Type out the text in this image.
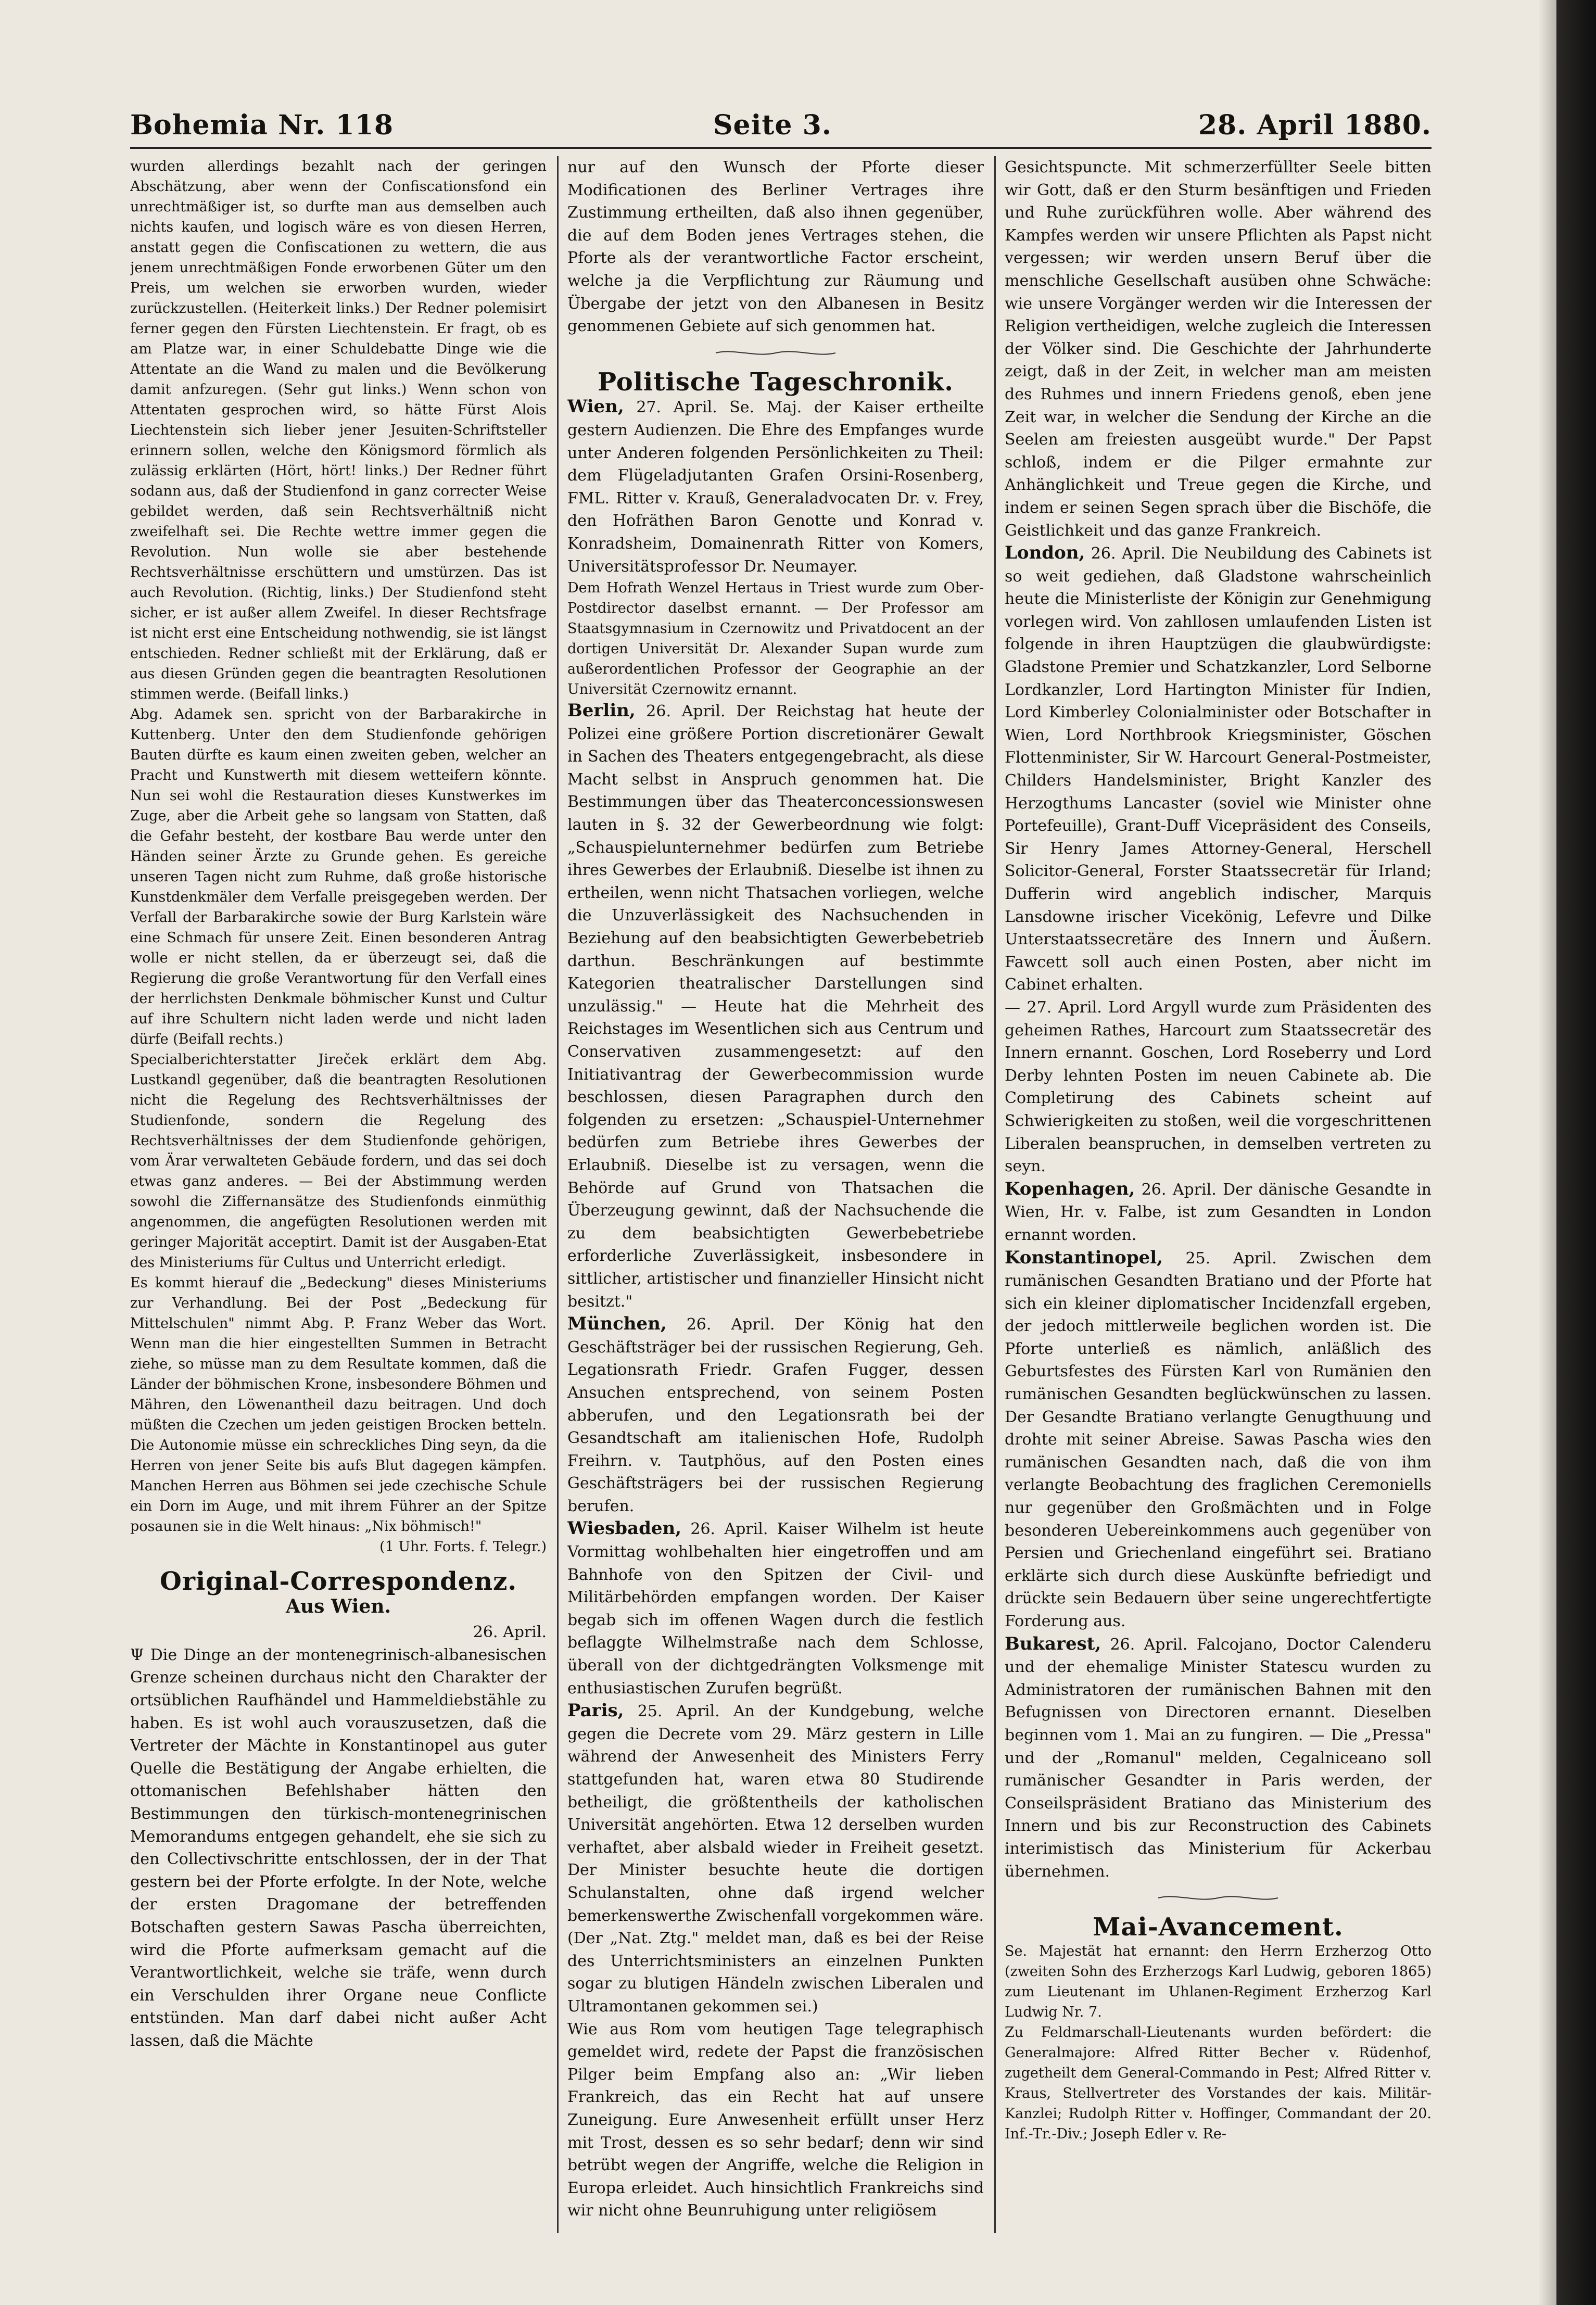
Bohemia Nr. 118	Seite 3.	28. April 1880.

wurden allerdings bezahlt nach der geringen Abschätzung, aber wenn der Confiscationsfond ein unrechtmäßiger ist, so durfte man aus demselben auch nichts kaufen, und logisch wäre es von diesen Herren, anstatt gegen die Confiscationen zu wettern, die aus jenem unrechtmäßigen Fonde erworbenen Güter um den Preis, um welchen sie erworben wurden, wieder zurückzustellen. (Heiterkeit links.) Der Redner polemisirt ferner gegen den Fürsten Liechtenstein. Er fragt, ob es am Platze war, in einer Schuldebatte Dinge wie die Attentate an die Wand zu malen und die Bevölkerung damit anfzuregen. (Sehr gut links.) Wenn schon von Attentaten gesprochen wird, so hätte Fürst Alois Liechtenstein sich lieber jener Jesuiten-Schriftsteller erinnern sollen, welche den Königsmord förmlich als zulässig erklärten (Hört, hört! links.) Der Redner führt sodann aus, daß der Studienfond in ganz correcter Weise gebildet werden, daß sein Rechtsverhältniß nicht zweifelhaft sei. Die Rechte wettre immer gegen die Revolution. Nun wolle sie aber bestehende Rechtsverhältnisse erschüttern und umstürzen. Das ist auch Revolution. (Richtig, links.) Der Studienfond steht sicher, er ist außer allem Zweifel. In dieser Rechtsfrage ist nicht erst eine Entscheidung nothwendig, sie ist längst entschieden. Redner schließt mit der Erklärung, daß er aus diesen Gründen gegen die beantragten Resolutionen stimmen werde. (Beifall links.)

Abg. Adamek sen. spricht von der Barbarakirche in Kuttenberg. Unter den dem Studienfonde gehörigen Bauten dürfte es kaum einen zweiten geben, welcher an Pracht und Kunstwerth mit diesem wetteifern könnte. Nun sei wohl die Restauration dieses Kunstwerkes im Zuge, aber die Arbeit gehe so langsam von Statten, daß die Gefahr besteht, der kostbare Bau werde unter den Händen seiner Ärzte zu Grunde gehen. Es gereiche unseren Tagen nicht zum Ruhme, daß große historische Kunstdenkmäler dem Verfalle preisgegeben werden. Der Verfall der Barbarakirche sowie der Burg Karlstein wäre eine Schmach für unsere Zeit. Einen besonderen Antrag wolle er nicht stellen, da er überzeugt sei, daß die Regierung die große Verantwortung für den Verfall eines der herrlichsten Denkmale böhmischer Kunst und Cultur auf ihre Schultern nicht laden werde und nicht laden dürfe (Beifall rechts.)

Specialberichterstatter Jireček erklärt dem Abg. Lustkandl gegenüber, daß die beantragten Resolutionen nicht die Regelung des Rechtsverhältnisses der Studienfonde, sondern die Regelung des Rechtsverhältnisses der dem Studienfonde gehörigen, vom Ärar verwalteten Gebäude fordern, und das sei doch etwas ganz anderes. — Bei der Abstimmung werden sowohl die Ziffernansätze des Studienfonds einmüthig angenommen, die angefügten Resolutionen werden mit geringer Majorität acceptirt. Damit ist der Ausgaben-Etat des Ministeriums für Cultus und Unterricht erledigt.

Es kommt hierauf die „Bedeckung" dieses Ministeriums zur Verhandlung. Bei der Post „Bedeckung für Mittelschulen" nimmt Abg. P. Franz Weber das Wort. Wenn man die hier eingestellten Summen in Betracht ziehe, so müsse man zu dem Resultate kommen, daß die Länder der böhmischen Krone, insbesondere Böhmen und Mähren, den Löwenantheil dazu beitragen. Und doch müßten die Czechen um jeden geistigen Brocken betteln. Die Autonomie müsse ein schreckliches Ding seyn, da die Herren von jener Seite bis aufs Blut dagegen kämpfen. Manchen Herren aus Böhmen sei jede czechische Schule ein Dorn im Auge, und mit ihrem Führer an der Spitze posaunen sie in die Welt hinaus: „Nix böhmisch!"

(1 Uhr. Forts. f. Telegr.)

Original-Correspondenz.
Aus Wien.

26. April.

Ψ Die Dinge an der montenegrinisch-albanesischen Grenze scheinen durchaus nicht den Charakter der ortsüblichen Raufhändel und Hammeldiebstähle zu haben. Es ist wohl auch vorauszusetzen, daß die Vertreter der Mächte in Konstantinopel aus guter Quelle die Bestätigung der Angabe erhielten, die ottomanischen Befehlshaber hätten den Bestimmungen den türkisch-montenegrinischen Memorandums entgegen gehandelt, ehe sie sich zu den Collectivschritte entschlossen, der in der That gestern bei der Pforte erfolgte. In der Note, welche der ersten Dragomane der betreffenden Botschaften gestern Sawas Pascha überreichten, wird die Pforte aufmerksam gemacht auf die Verantwortlichkeit, welche sie träfe, wenn durch ein Verschulden ihrer Organe neue Conflicte entstünden. Man darf dabei nicht außer Acht lassen, daß die Mächte

nur auf den Wunsch der Pforte dieser Modificationen des Berliner Vertrages ihre Zustimmung ertheilten, daß also ihnen gegenüber, die auf dem Boden jenes Vertrages stehen, die Pforte als der verantwortliche Factor erscheint, welche ja die Verpflichtung zur Räumung und Übergabe der jetzt von den Albanesen in Besitz genommenen Gebiete auf sich genommen hat.

Politische Tageschronik.

Wien, 27. April. Se. Maj. der Kaiser ertheilte gestern Audienzen. Die Ehre des Empfanges wurde unter Anderen folgenden Persönlichkeiten zu Theil: dem Flügeladjutanten Grafen Orsini-Rosenberg, FML. Ritter v. Krauß, Generaladvocaten Dr. v. Frey, den Hofräthen Baron Genotte und Konrad v. Konradsheim, Domainenrath Ritter von Komers, Universitätsprofessor Dr. Neumayer.

Dem Hofrath Wenzel Hertaus in Triest wurde zum Ober-Postdirector daselbst ernannt. — Der Professor am Staatsgymnasium in Czernowitz und Privatdocent an der dortigen Universität Dr. Alexander Supan wurde zum außerordentlichen Professor der Geographie an der Universität Czernowitz ernannt.

Berlin, 26. April. Der Reichstag hat heute der Polizei eine größere Portion discretionärer Gewalt in Sachen des Theaters entgegengebracht, als diese Macht selbst in Anspruch genommen hat. Die Bestimmungen über das Theaterconcessionswesen lauten in §. 32 der Gewerbeordnung wie folgt: „Schauspielunternehmer bedürfen zum Betriebe ihres Gewerbes der Erlaubniß. Dieselbe ist ihnen zu ertheilen, wenn nicht Thatsachen vorliegen, welche die Unzuverlässigkeit des Nachsuchenden in Beziehung auf den beabsichtigten Gewerbebetrieb darthun. Beschränkungen auf bestimmte Kategorien theatralischer Darstellungen sind unzulässig." — Heute hat die Mehrheit des Reichstages im Wesentlichen sich aus Centrum und Conservativen zusammengesetzt: auf den Initiativantrag der Gewerbecommission wurde beschlossen, diesen Paragraphen durch den folgenden zu ersetzen: „Schauspiel-Unternehmer bedürfen zum Betriebe ihres Gewerbes der Erlaubniß. Dieselbe ist zu versagen, wenn die Behörde auf Grund von Thatsachen die Überzeugung gewinnt, daß der Nachsuchende die zu dem beabsichtigten Gewerbebetriebe erforderliche Zuverlässigkeit, insbesondere in sittlicher, artistischer und finanzieller Hinsicht nicht besitzt."

München, 26. April. Der König hat den Geschäftsträger bei der russischen Regierung, Geh. Legationsrath Friedr. Grafen Fugger, dessen Ansuchen entsprechend, von seinem Posten abberufen, und den Legationsrath bei der Gesandtschaft am italienischen Hofe, Rudolph Freihrn. v. Tautphöus, auf den Posten eines Geschäftsträgers bei der russischen Regierung berufen.

Wiesbaden, 26. April. Kaiser Wilhelm ist heute Vormittag wohlbehalten hier eingetroffen und am Bahnhofe von den Spitzen der Civil- und Militärbehörden empfangen worden. Der Kaiser begab sich im offenen Wagen durch die festlich beflaggte Wilhelmstraße nach dem Schlosse, überall von der dichtgedrängten Volksmenge mit enthusiastischen Zurufen begrüßt.

Paris, 25. April. An der Kundgebung, welche gegen die Decrete vom 29. März gestern in Lille während der Anwesenheit des Ministers Ferry stattgefunden hat, waren etwa 80 Studirende betheiligt, die größtentheils der katholischen Universität angehörten. Etwa 12 derselben wurden verhaftet, aber alsbald wieder in Freiheit gesetzt. Der Minister besuchte heute die dortigen Schulanstalten, ohne daß irgend welcher bemerkenswerthe Zwischenfall vorgekommen wäre. (Der „Nat. Ztg." meldet man, daß es bei der Reise des Unterrichtsministers an einzelnen Punkten sogar zu blutigen Händeln zwischen Liberalen und Ultramontanen gekommen sei.)

Wie aus Rom vom heutigen Tage telegraphisch gemeldet wird, redete der Papst die französischen Pilger beim Empfang also an: „Wir lieben Frankreich, das ein Recht hat auf unsere Zuneigung. Eure Anwesenheit erfüllt unser Herz mit Trost, dessen es so sehr bedarf; denn wir sind betrübt wegen der Angriffe, welche die Religion in Europa erleidet. Auch hinsichtlich Frankreichs sind wir nicht ohne Beunruhigung unter religiösem

Gesichtspuncte. Mit schmerzerfüllter Seele bitten wir Gott, daß er den Sturm besänftigen und Frieden und Ruhe zurückführen wolle. Aber während des Kampfes werden wir unsere Pflichten als Papst nicht vergessen; wir werden unsern Beruf über die menschliche Gesellschaft ausüben ohne Schwäche: wie unsere Vorgänger werden wir die Interessen der Religion vertheidigen, welche zugleich die Interessen der Völker sind. Die Geschichte der Jahrhunderte zeigt, daß in der Zeit, in welcher man am meisten des Ruhmes und innern Friedens genoß, eben jene Zeit war, in welcher die Sendung der Kirche an die Seelen am freiesten ausgeübt wurde." Der Papst schloß, indem er die Pilger ermahnte zur Anhänglichkeit und Treue gegen die Kirche, und indem er seinen Segen sprach über die Bischöfe, die Geistlichkeit und das ganze Frankreich.

London, 26. April. Die Neubildung des Cabinets ist so weit gediehen, daß Gladstone wahrscheinlich heute die Ministerliste der Königin zur Genehmigung vorlegen wird. Von zahllosen umlaufenden Listen ist folgende in ihren Hauptzügen die glaubwürdigste: Gladstone Premier und Schatzkanzler, Lord Selborne Lordkanzler, Lord Hartington Minister für Indien, Lord Kimberley Colonialminister oder Botschafter in Wien, Lord Northbrook Kriegsminister, Göschen Flottenminister, Sir W. Harcourt General-Postmeister, Childers Handelsminister, Bright Kanzler des Herzogthums Lancaster (soviel wie Minister ohne Portefeuille), Grant-Duff Vicepräsident des Conseils, Sir Henry James Attorney-General, Herschell Solicitor-General, Forster Staatssecretär für Irland; Dufferin wird angeblich indischer, Marquis Lansdowne irischer Vicekönig, Lefevre und Dilke Unterstaatssecretäre des Innern und Äußern. Fawcett soll auch einen Posten, aber nicht im Cabinet erhalten.

— 27. April. Lord Argyll wurde zum Präsidenten des geheimen Rathes, Harcourt zum Staatssecretär des Innern ernannt. Goschen, Lord Roseberry und Lord Derby lehnten Posten im neuen Cabinete ab. Die Completirung des Cabinets scheint auf Schwierigkeiten zu stoßen, weil die vorgeschrittenen Liberalen beanspruchen, in demselben vertreten zu seyn.

Kopenhagen, 26. April. Der dänische Gesandte in Wien, Hr. v. Falbe, ist zum Gesandten in London ernannt worden.

Konstantinopel, 25. April. Zwischen dem rumänischen Gesandten Bratiano und der Pforte hat sich ein kleiner diplomatischer Incidenzfall ergeben, der jedoch mittlerweile beglichen worden ist. Die Pforte unterließ es nämlich, anläßlich des Geburtsfestes des Fürsten Karl von Rumänien den rumänischen Gesandten beglückwünschen zu lassen. Der Gesandte Bratiano verlangte Genugthuung und drohte mit seiner Abreise. Sawas Pascha wies den rumänischen Gesandten nach, daß die von ihm verlangte Beobachtung des fraglichen Ceremoniells nur gegenüber den Großmächten und in Folge besonderen Uebereinkommens auch gegenüber von Persien und Griechenland eingeführt sei. Bratiano erklärte sich durch diese Auskünfte befriedigt und drückte sein Bedauern über seine ungerechtfertigte Forderung aus.

Bukarest, 26. April. Falcojano, Doctor Calenderu und der ehemalige Minister Statescu wurden zu Administratoren der rumänischen Bahnen mit den Befugnissen von Directoren ernannt. Dieselben beginnen vom 1. Mai an zu fungiren. — Die „Pressa" und der „Romanul" melden, Cegalniceano soll rumänischer Gesandter in Paris werden, der Conseilspräsident Bratiano das Ministerium des Innern und bis zur Reconstruction des Cabinets interimistisch das Ministerium für Ackerbau übernehmen.

Mai-Avancement.

Se. Majestät hat ernannt: den Herrn Erzherzog Otto (zweiten Sohn des Erzherzogs Karl Ludwig, geboren 1865) zum Lieutenant im Uhlanen-Regiment Erzherzog Karl Ludwig Nr. 7.

Zu Feldmarschall-Lieutenants wurden befördert: die Generalmajore: Alfred Ritter Becher v. Rüdenhof, zugetheilt dem General-Commando in Pest; Alfred Ritter v. Kraus, Stellvertreter des Vorstandes der kais. Militär-Kanzlei; Rudolph Ritter v. Hoffinger, Commandant der 20. Inf.-Tr.-Div.; Joseph Edler v. Re-
